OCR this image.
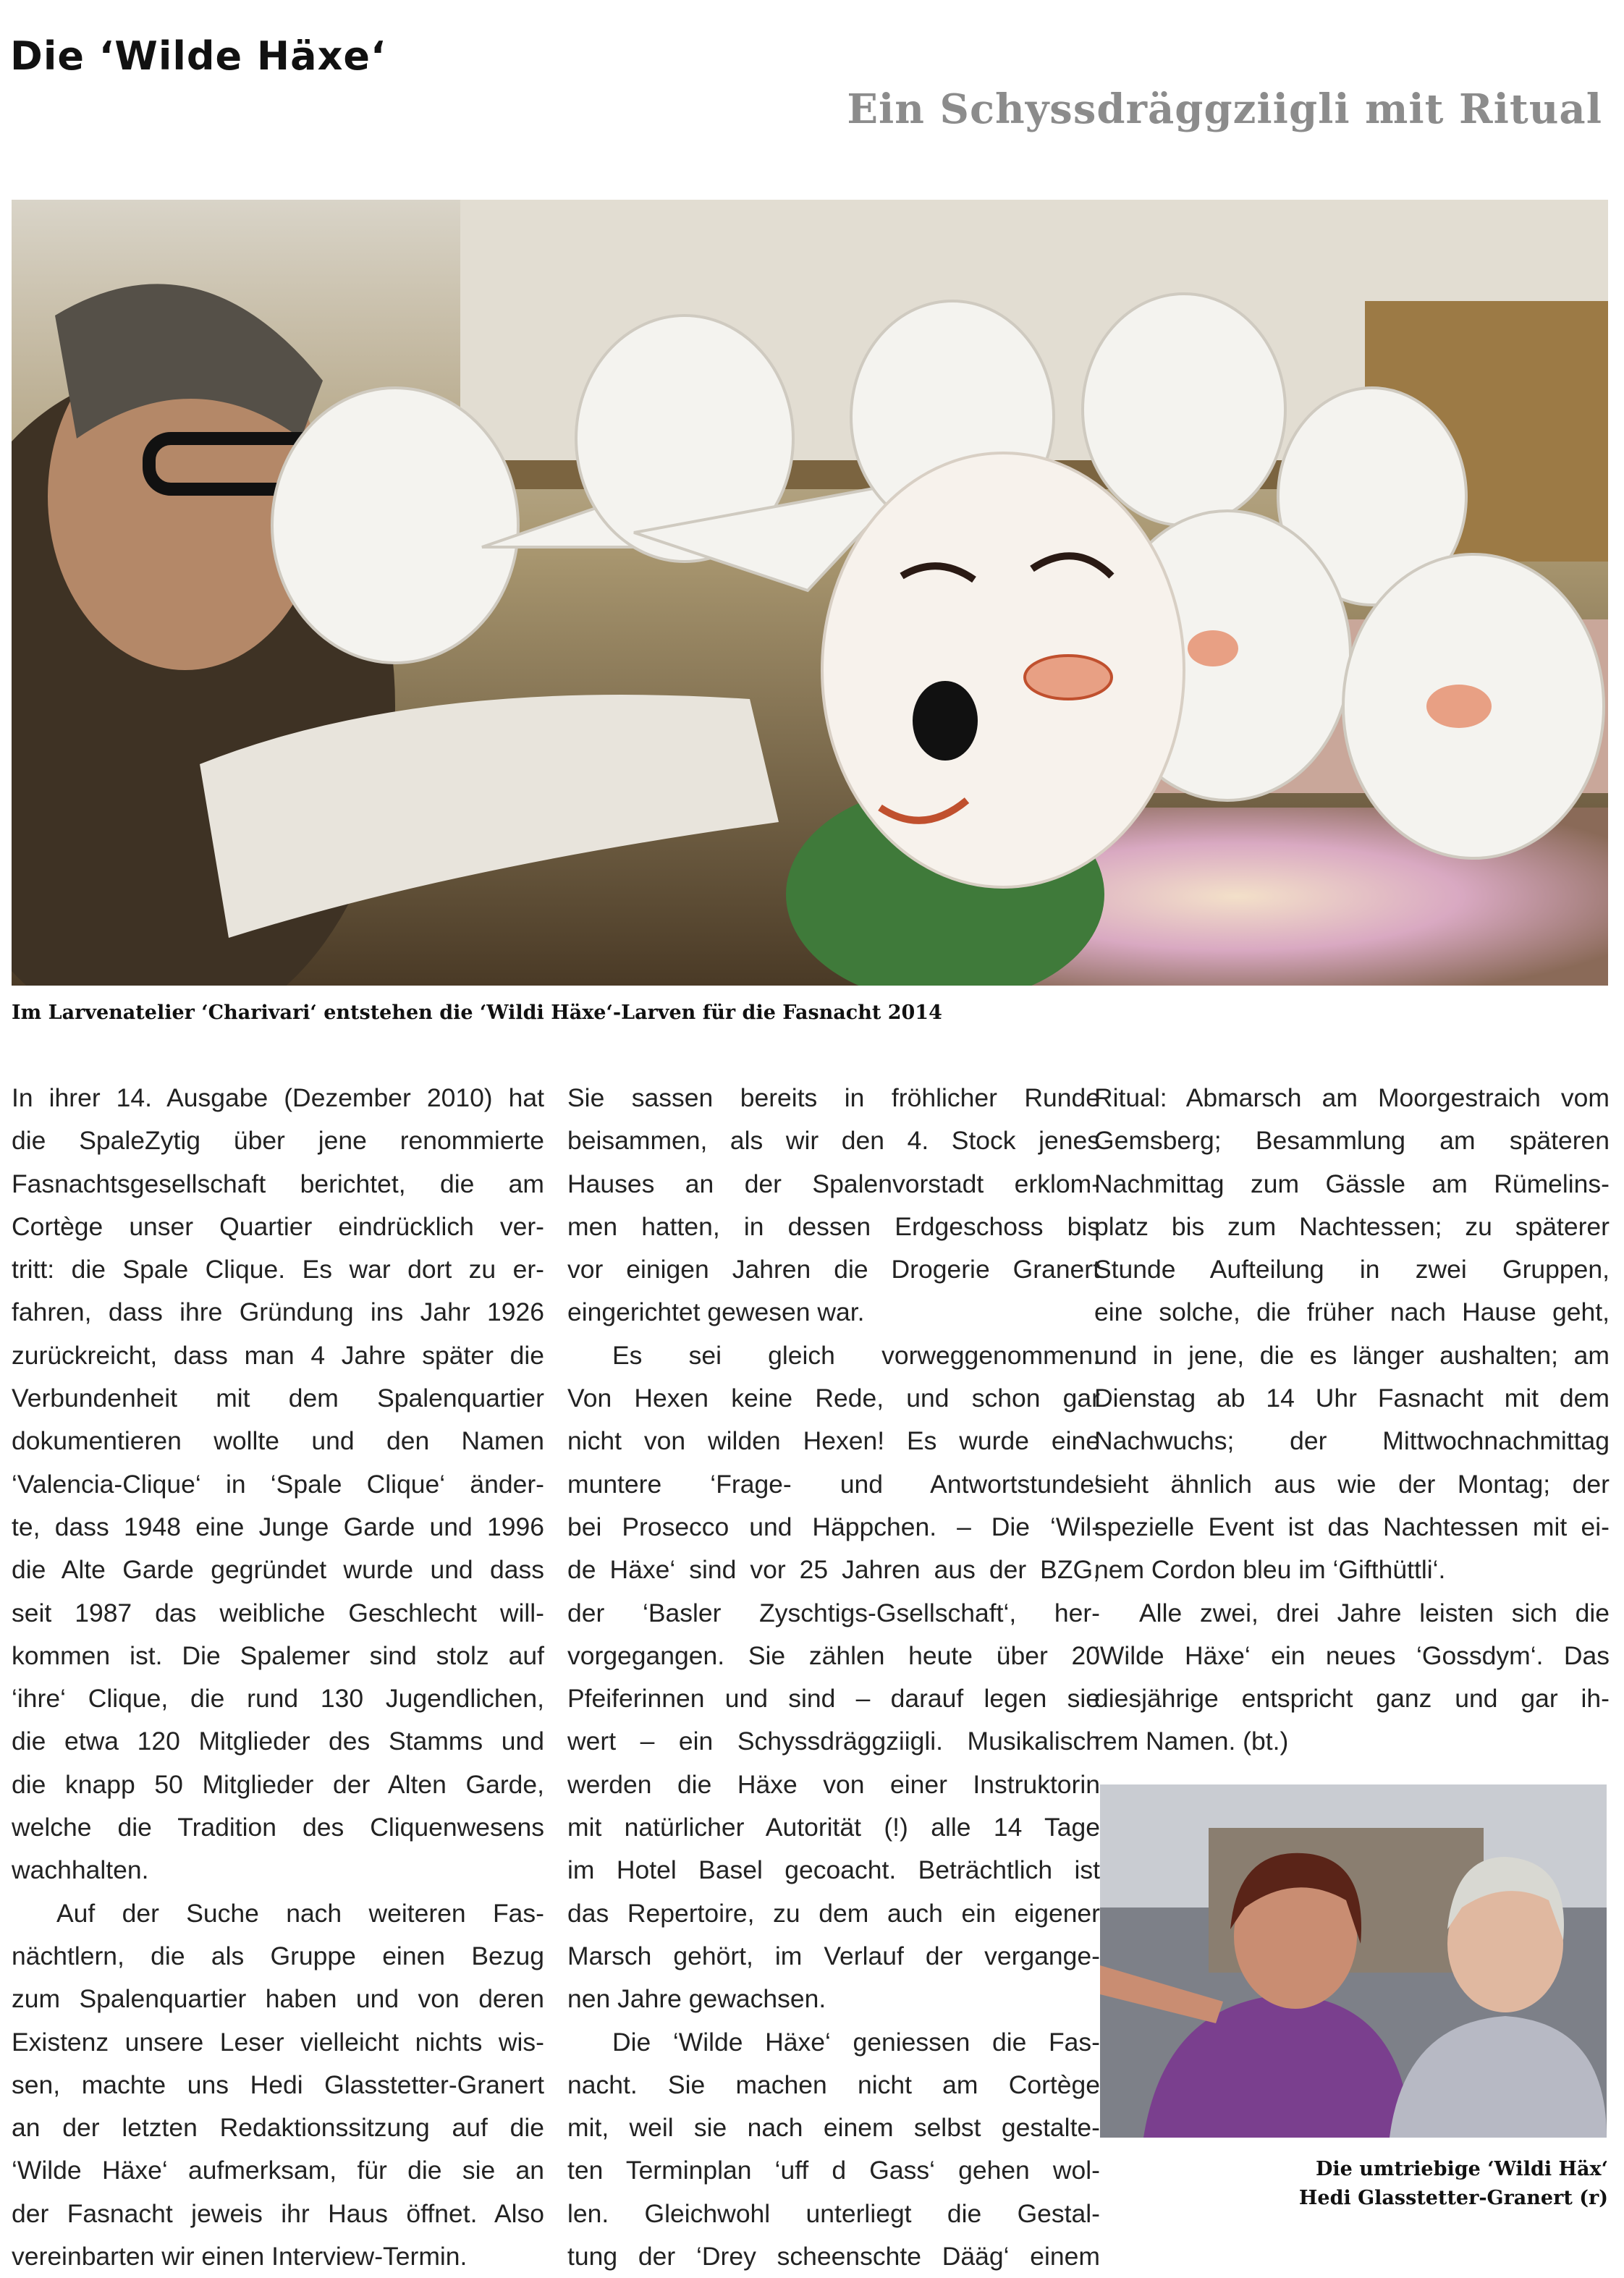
Die ‘Wilde Häxe‘
Ein Schyssdräggziigli mit Ritual
Im Larvenatelier ‘Charivari‘ entstehen die ‘Wildi Häxe‘-Larven für die Fasnacht 2014
In ihrer 14. Ausgabe (Dezember 2010) hat
die SpaleZytig über jene renommierte
Fasnachtsgesellschaft berichtet, die am
Cortège unser Quartier eindrücklich ver-
tritt: die Spale Clique. Es war dort zu er-
fahren, dass ihre Gründung ins Jahr 1926
zurückreicht, dass man 4 Jahre später die
Verbundenheit mit dem Spalenquartier
dokumentieren wollte und den Namen
‘Valencia-Clique‘ in ‘Spale Clique‘ änder-
te, dass 1948 eine Junge Garde und 1996
die Alte Garde gegründet wurde und dass
seit 1987 das weibliche Geschlecht will-
kommen ist. Die Spalemer sind stolz auf
‘ihre‘ Clique, die rund 130 Jugendlichen,
die etwa 120 Mitglieder des Stamms und
die knapp 50 Mitglieder der Alten Garde,
welche die Tradition des Cliquenwesens
wachhalten.
Auf der Suche nach weiteren Fas-
nächtlern, die als Gruppe einen Bezug
zum Spalenquartier haben und von deren
Existenz unsere Leser vielleicht nichts wis-
sen, machte uns Hedi Glasstetter-Granert
an der letzten Redaktionssitzung auf die
‘Wilde Häxe‘ aufmerksam, für die sie an
der Fasnacht jeweis ihr Haus öffnet. Also
vereinbarten wir einen Interview-Termin.
Sie sassen bereits in fröhlicher Runde
beisammen, als wir den 4. Stock jenes
Hauses an der Spalenvorstadt erklom-
men hatten, in dessen Erdgeschoss bis
vor einigen Jahren die Drogerie Granert
eingerichtet gewesen war.
Es sei gleich vorweggenommen:
Von Hexen keine Rede, und schon gar
nicht von wilden Hexen! Es wurde eine
muntere ‘Frage- und Antwortstunde‘
bei Prosecco und Häppchen. – Die ‘Wil-
de Häxe‘ sind vor 25 Jahren aus der BZG,
der ‘Basler Zyschtigs-Gsellschaft‘, her-
vorgegangen. Sie zählen heute über 20
Pfeiferinnen und sind – darauf legen sie
wert – ein Schyssdräggziigli. Musikalisch
werden die Häxe von einer Instruktorin
mit natürlicher Autorität (!) alle 14 Tage
im Hotel Basel gecoacht. Beträchtlich ist
das Repertoire, zu dem auch ein eigener
Marsch gehört, im Verlauf der vergange-
nen Jahre gewachsen.
Die ‘Wilde Häxe‘ geniessen die Fas-
nacht. Sie machen nicht am Cortège
mit, weil sie nach einem selbst gestalte-
ten Terminplan ‘uff d Gass‘ gehen wol-
len. Gleichwohl unterliegt die Gestal-
tung der ‘Drey scheenschte Dääg‘ einem
Ritual: Abmarsch am Moorgestraich vom
Gemsberg; Besammlung am späteren
Nachmittag zum Gässle am Rümelins-
platz bis zum Nachtessen; zu späterer
Stunde Aufteilung in zwei Gruppen,
eine solche, die früher nach Hause geht,
und in jene, die es länger aushalten; am
Dienstag ab 14 Uhr Fasnacht mit dem
Nachwuchs; der Mittwochnachmittag
sieht ähnlich aus wie der Montag; der
spezielle Event ist das Nachtessen mit ei-
nem Cordon bleu im ‘Gifthüttli‘.
Alle zwei, drei Jahre leisten sich die
‘Wilde Häxe‘ ein neues ‘Gossdym‘. Das
diesjährige entspricht ganz und gar ih-
rem Namen. (bt.)
Die umtriebige ‘Wildi Häx‘
Hedi Glasstetter-Granert (r)
